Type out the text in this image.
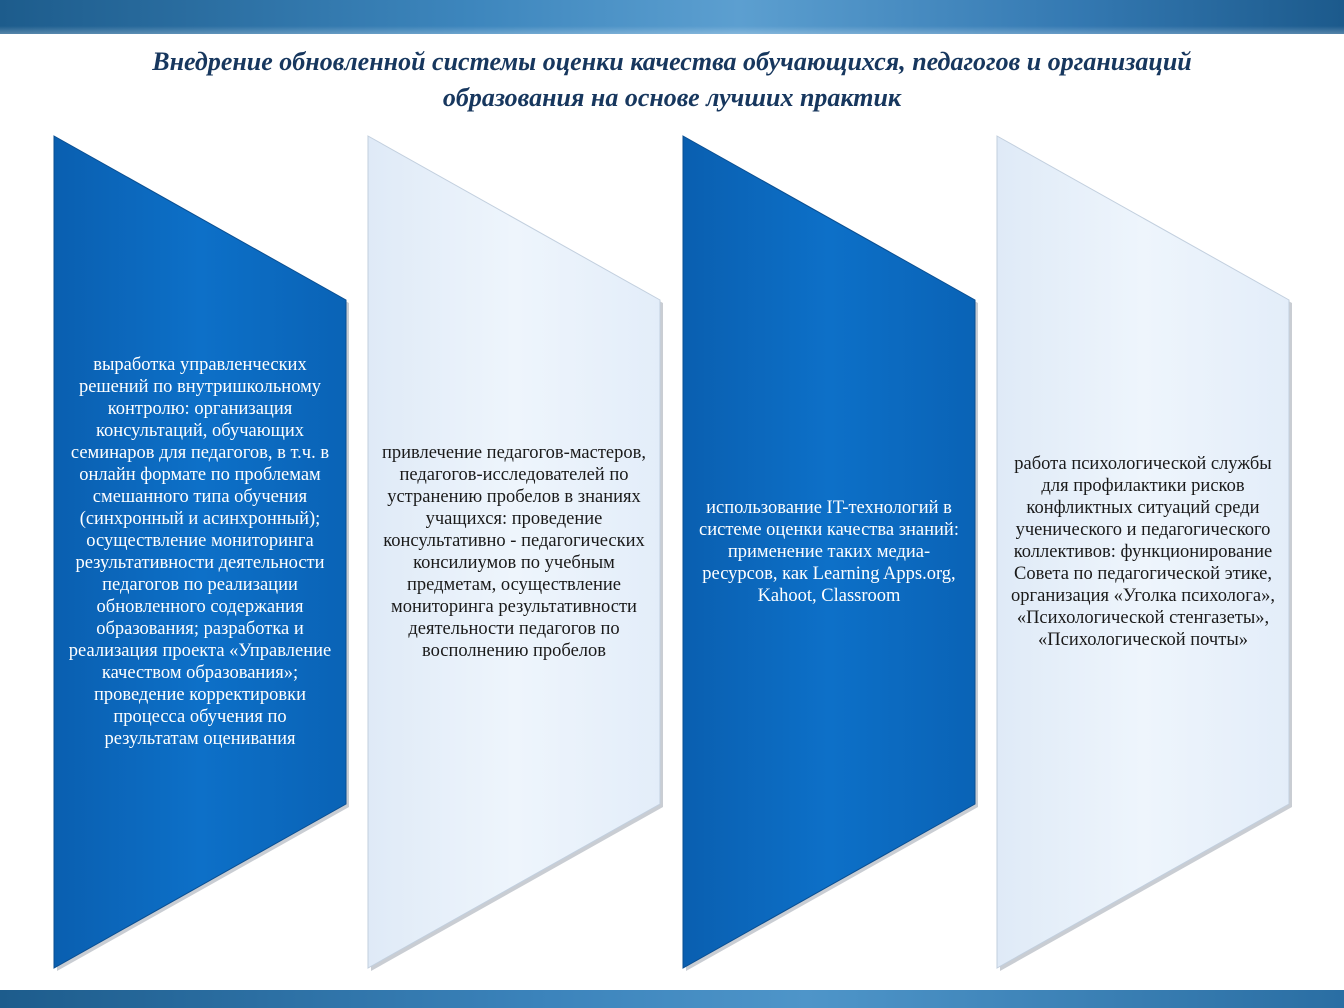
Внедрение обновленной системы оценки качества обучающихся, педагогов и организаций
образования на основе лучших практик
выработка управленческих решений по внутришкольному контролю: организация консультаций, обучающих семинаров для педагогов, в т.ч. в онлайн формате по проблемам смешанного типа обучения (синхронный и асинхронный); осуществление мониторинга результативности деятельности педагогов по реализации обновленного содержания образования; разработка и реализация проекта «Управление качеством образования»; проведение корректировки процесса обучения по результатам оценивания
привлечение педагогов-мастеров, педагогов-исследователей по устранению пробелов в знаниях учащихся: проведение консультативно - педагогических консилиумов по учебным предметам, осуществление мониторинга результативности деятельности педагогов по восполнению пробелов
использование IT-технологий в системе оценки качества знаний: применение таких медиа-ресурсов, как Learning Apps.org, Kahoot, Classroom
работа психологической службы для профилактики рисков конфликтных ситуаций среди ученического и педагогического коллективов: функционирование Совета по педагогической этике, организация «Уголка психолога», «Психологической стенгазеты», «Психологической почты»
